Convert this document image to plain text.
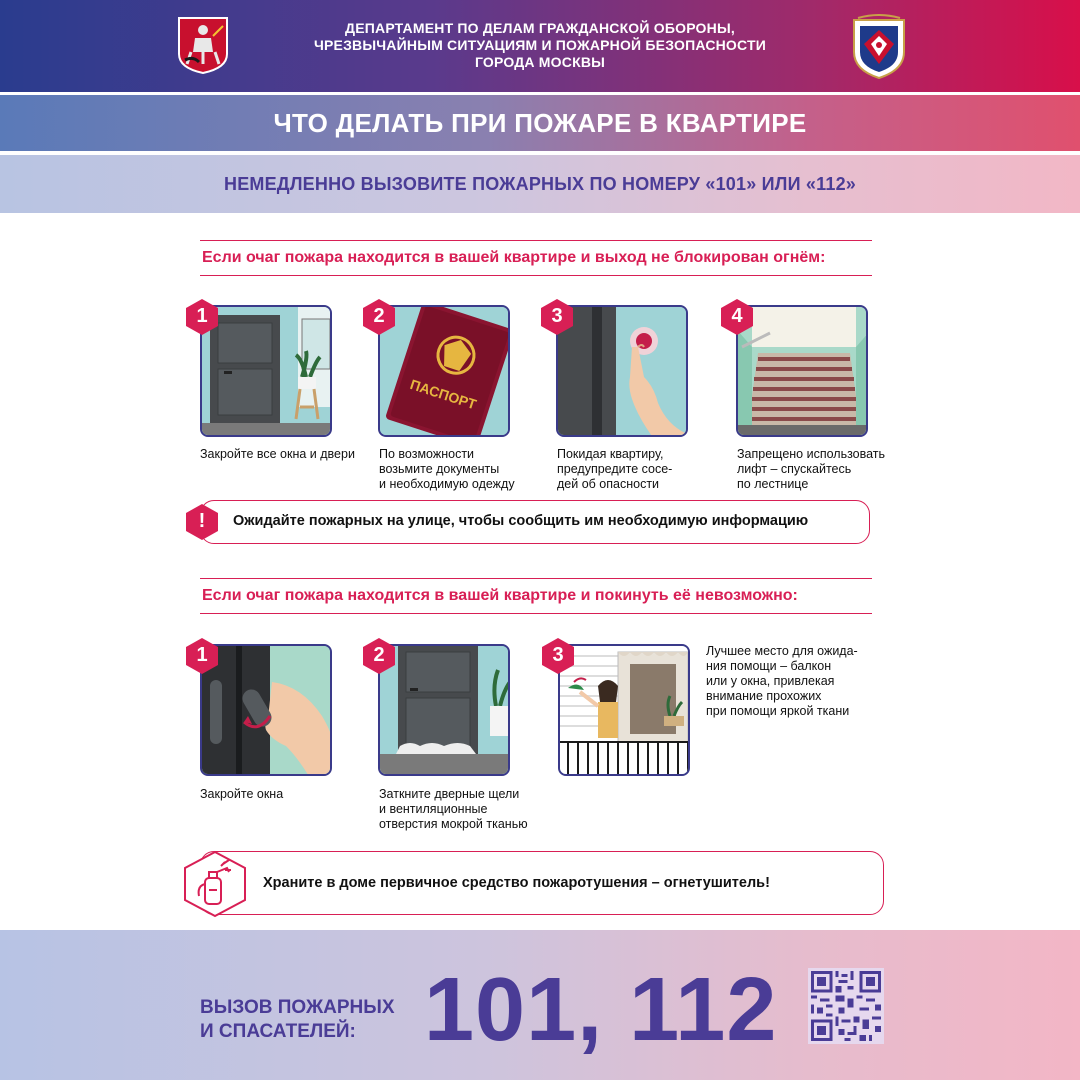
ДЕПАРТАМЕНТ ПО ДЕЛАМ ГРАЖДАНСКОЙ ОБОРОНЫ,
ЧРЕЗВЫЧАЙНЫМ СИТУАЦИЯМ И ПОЖАРНОЙ БЕЗОПАСНОСТИ
ГОРОДА МОСКВЫ
ЧТО ДЕЛАТЬ ПРИ ПОЖАРЕ В КВАРТИРЕ
НЕМЕДЛЕННО ВЫЗОВИТЕ ПОЖАРНЫХ ПО НОМЕРУ «101» ИЛИ «112»
Если очаг пожара находится в вашей квартире и выход не блокирован огнём:
1
Закройте все окна и двери
ПАСПОРТ
2
По возможности
возьмите документы
и необходимую одежду
3
Покидая квартиру,
предупредите сосе-
дей об опасности
4
Запрещено использовать
лифт – спускайтесь
по лестнице
Ожидайте пожарных на улице, чтобы сообщить им необходимую информацию
!
Если очаг пожара находится в вашей квартире и покинуть её невозможно:
1
Закройте окна
2
Заткните дверные щели
и вентиляционные
отверстия мокрой тканью
3	Лучшее место для ожида-
ния помощи – балкон
или у окна, привлекая
внимание прохожих
при помощи яркой ткани
Храните в доме первичное средство пожаротушения – огнетушитель!
ВЫЗОВ ПОЖАРНЫХ
И СПАСАТЕЛЕЙ: 101, 112
